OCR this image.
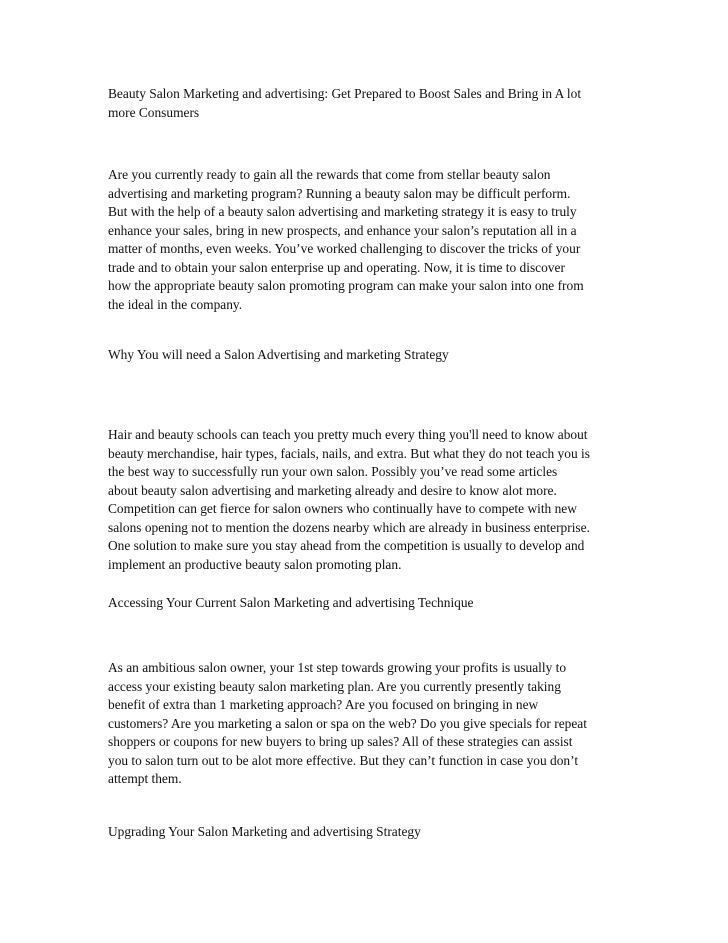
Beauty Salon Marketing and advertising: Get Prepared to Boost Sales and Bring in A lot
more Consumers

Are you currently ready to gain all the rewards that come from stellar beauty salon
advertising and marketing program? Running a beauty salon may be difficult perform.
But with the help of a beauty salon advertising and marketing strategy it is easy to truly
enhance your sales, bring in new prospects, and enhance your salon’s reputation all in a
matter of months, even weeks. You’ve worked challenging to discover the tricks of your
trade and to obtain your salon enterprise up and operating. Now, it is time to discover
how the appropriate beauty salon promoting program can make your salon into one from
the ideal in the company.

Why You will need a Salon Advertising and marketing Strategy

Hair and beauty schools can teach you pretty much every thing you'll need to know about
beauty merchandise, hair types, facials, nails, and extra. But what they do not teach you is
the best way to successfully run your own salon. Possibly you’ve read some articles
about beauty salon advertising and marketing already and desire to know alot more.
Competition can get fierce for salon owners who continually have to compete with new
salons opening not to mention the dozens nearby which are already in business enterprise.
One solution to make sure you stay ahead from the competition is usually to develop and
implement an productive beauty salon promoting plan.

Accessing Your Current Salon Marketing and advertising Technique

As an ambitious salon owner, your 1st step towards growing your profits is usually to
access your existing beauty salon marketing plan. Are you currently presently taking
benefit of extra than 1 marketing approach? Are you focused on bringing in new
customers? Are you marketing a salon or spa on the web? Do you give specials for repeat
shoppers or coupons for new buyers to bring up sales? All of these strategies can assist
you to salon turn out to be alot more effective. But they can’t function in case you don’t
attempt them.

Upgrading Your Salon Marketing and advertising Strategy
